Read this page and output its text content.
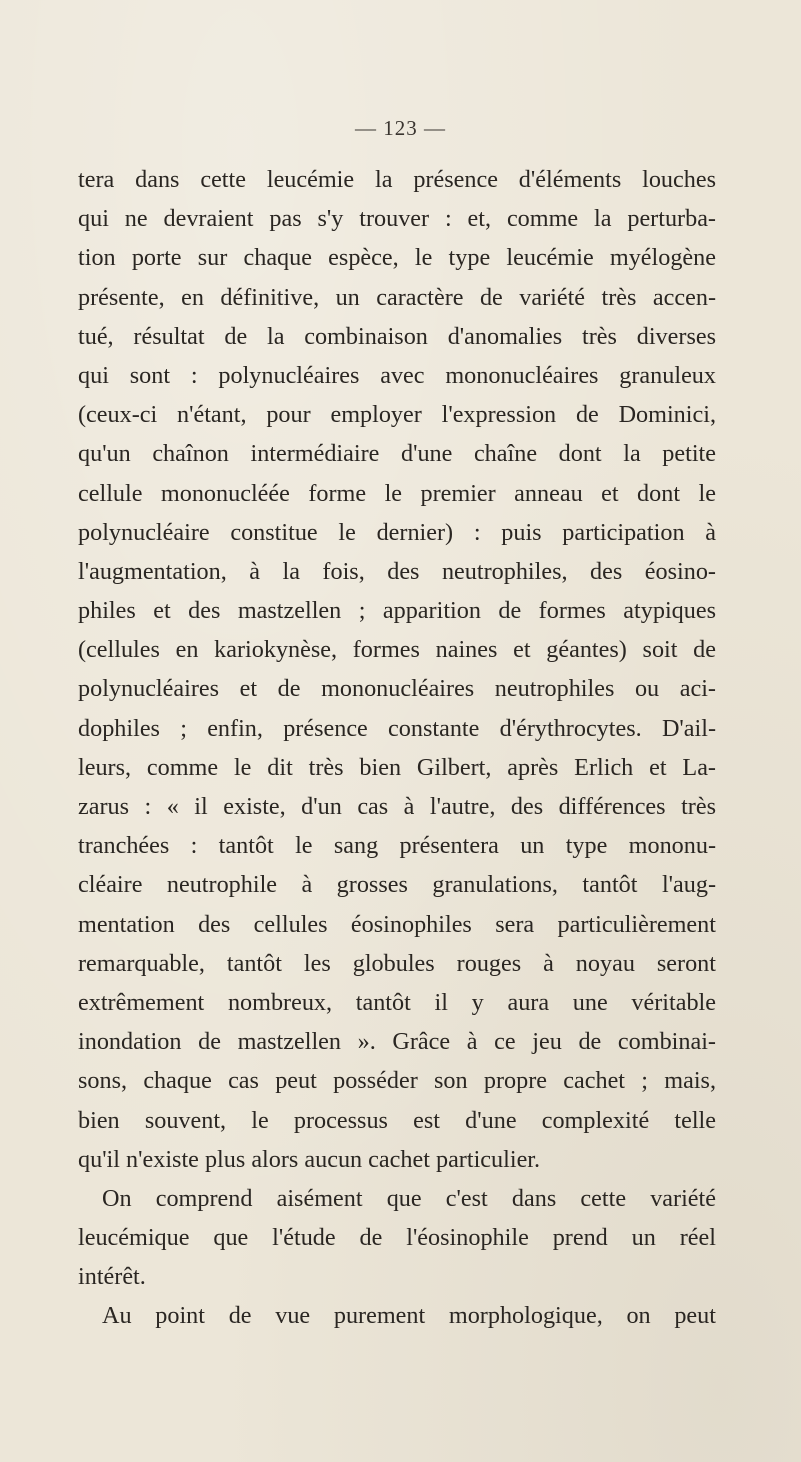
— 123 —
tera dans cette leucémie la présence d'éléments louches
qui ne devraient pas s'y trouver : et, comme la perturba-
tion porte sur chaque espèce, le type leucémie myélogène
présente, en définitive, un caractère de variété très accen-
tué, résultat de la combinaison d'anomalies très diverses
qui sont : polynucléaires avec mononucléaires granuleux
(ceux-ci n'étant, pour employer l'expression de Dominici,
qu'un chaînon intermédiaire d'une chaîne dont la petite
cellule mononucléée forme le premier anneau et dont le
polynucléaire constitue le dernier) : puis participation à
l'augmentation, à la fois, des neutrophiles, des éosino-
philes et des mastzellen ; apparition de formes atypiques
(cellules en kariokynèse, formes naines et géantes) soit de
polynucléaires et de mononucléaires neutrophiles ou aci-
dophiles ; enfin, présence constante d'érythrocytes. D'ail-
leurs, comme le dit très bien Gilbert, après Erlich et La-
zarus : « il existe, d'un cas à l'autre, des différences très
tranchées : tantôt le sang présentera un type mononu-
cléaire neutrophile à grosses granulations, tantôt l'aug-
mentation des cellules éosinophiles sera particulièrement
remarquable, tantôt les globules rouges à noyau seront
extrêmement nombreux, tantôt il y aura une véritable
inondation de mastzellen ». Grâce à ce jeu de combinai-
sons, chaque cas peut posséder son propre cachet ; mais,
bien souvent, le processus est d'une complexité telle
qu'il n'existe plus alors aucun cachet particulier.
On comprend aisément que c'est dans cette variété
leucémique que l'étude de l'éosinophile prend un réel
intérêt.
Au point de vue purement morphologique, on peut
